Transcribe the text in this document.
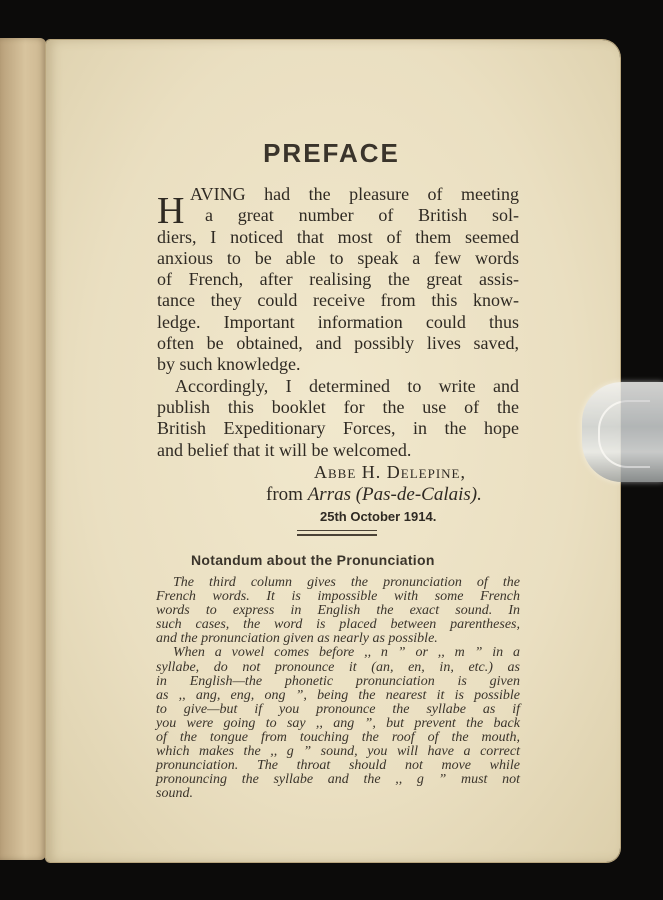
PREFACE
H AVING had the pleasure of meeting
a great number of British sol-
diers, I noticed that most of them seemed
anxious to be able to speak a few words
of French, after realising the great assis-
tance they could receive from this know-
ledge. Important information could thus
often be obtained, and possibly lives saved,
by such knowledge.
Accordingly, I determined to write and
publish this booklet for the use of the
British Expeditionary Forces, in the hope
and belief that it will be welcomed.
Abbe H. Delepine,
from Arras (Pas-de-Calais).
25th October 1914.
Notandum about the Pronunciation
The third column gives the pronunciation of the
French words. It is impossible with some French
words to express in English the exact sound. In
such cases, the word is placed between parentheses,
and the pronunciation given as nearly as possible.
When a vowel comes before ,, n ” or ,, m ” in a
syllabe, do not pronounce it (an, en, in, etc.) as
in English—the phonetic pronunciation is given
as ,, ang, eng, ong ”, being the nearest it is possible
to give—but if you pronounce the syllabe as if
you were going to say ,, ang ”, but prevent the back
of the tongue from touching the roof of the mouth,
which makes the ,, g ” sound, you will have a correct
pronunciation. The throat should not move while
pronouncing the syllabe and the ,, g ” must not
sound.
